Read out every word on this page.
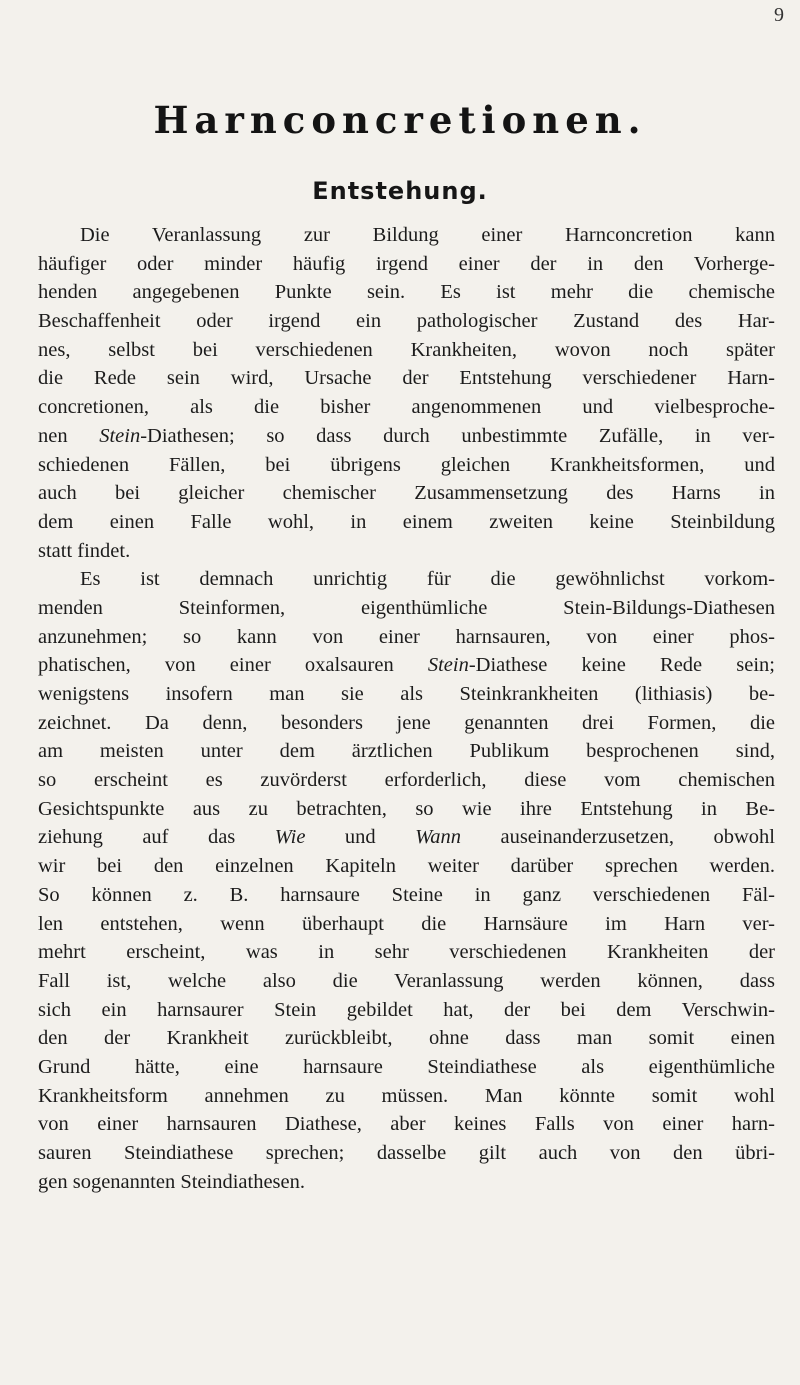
9
Harnconcretionen.
Entstehung.
Die Veranlassung zur Bildung einer Harnconcretion kann
häufiger oder minder häufig irgend einer der in den Vorherge-
henden angegebenen Punkte sein. Es ist mehr die chemische
Beschaffenheit oder irgend ein pathologischer Zustand des Har-
nes, selbst bei verschiedenen Krankheiten, wovon noch später
die Rede sein wird, Ursache der Entstehung verschiedener Harn-
concretionen, als die bisher angenommenen und vielbesproche-
nen Stein-Diathesen; so dass durch unbestimmte Zufälle, in ver-
schiedenen Fällen, bei übrigens gleichen Krankheitsformen, und
auch bei gleicher chemischer Zusammensetzung des Harns in
dem einen Falle wohl, in einem zweiten keine Steinbildung
statt findet.
Es ist demnach unrichtig für die gewöhnlichst vorkom-
menden Steinformen, eigenthümliche Stein-Bildungs-Diathesen
anzunehmen; so kann von einer harnsauren, von einer phos-
phatischen, von einer oxalsauren Stein-Diathese keine Rede sein;
wenigstens insofern man sie als Steinkrankheiten (lithiasis) be-
zeichnet. Da denn, besonders jene genannten drei Formen, die
am meisten unter dem ärztlichen Publikum besprochenen sind,
so erscheint es zuvörderst erforderlich, diese vom chemischen
Gesichtspunkte aus zu betrachten, so wie ihre Entstehung in Be-
ziehung auf das Wie und Wann auseinanderzusetzen, obwohl
wir bei den einzelnen Kapiteln weiter darüber sprechen werden.
So können z. B. harnsaure Steine in ganz verschiedenen Fäl-
len entstehen, wenn überhaupt die Harnsäure im Harn ver-
mehrt erscheint, was in sehr verschiedenen Krankheiten der
Fall ist, welche also die Veranlassung werden können, dass
sich ein harnsaurer Stein gebildet hat, der bei dem Verschwin-
den der Krankheit zurückbleibt, ohne dass man somit einen
Grund hätte, eine harnsaure Steindiathese als eigenthümliche
Krankheitsform annehmen zu müssen. Man könnte somit wohl
von einer harnsauren Diathese, aber keines Falls von einer harn-
sauren Steindiathese sprechen; dasselbe gilt auch von den übri-
gen sogenannten Steindiathesen.
